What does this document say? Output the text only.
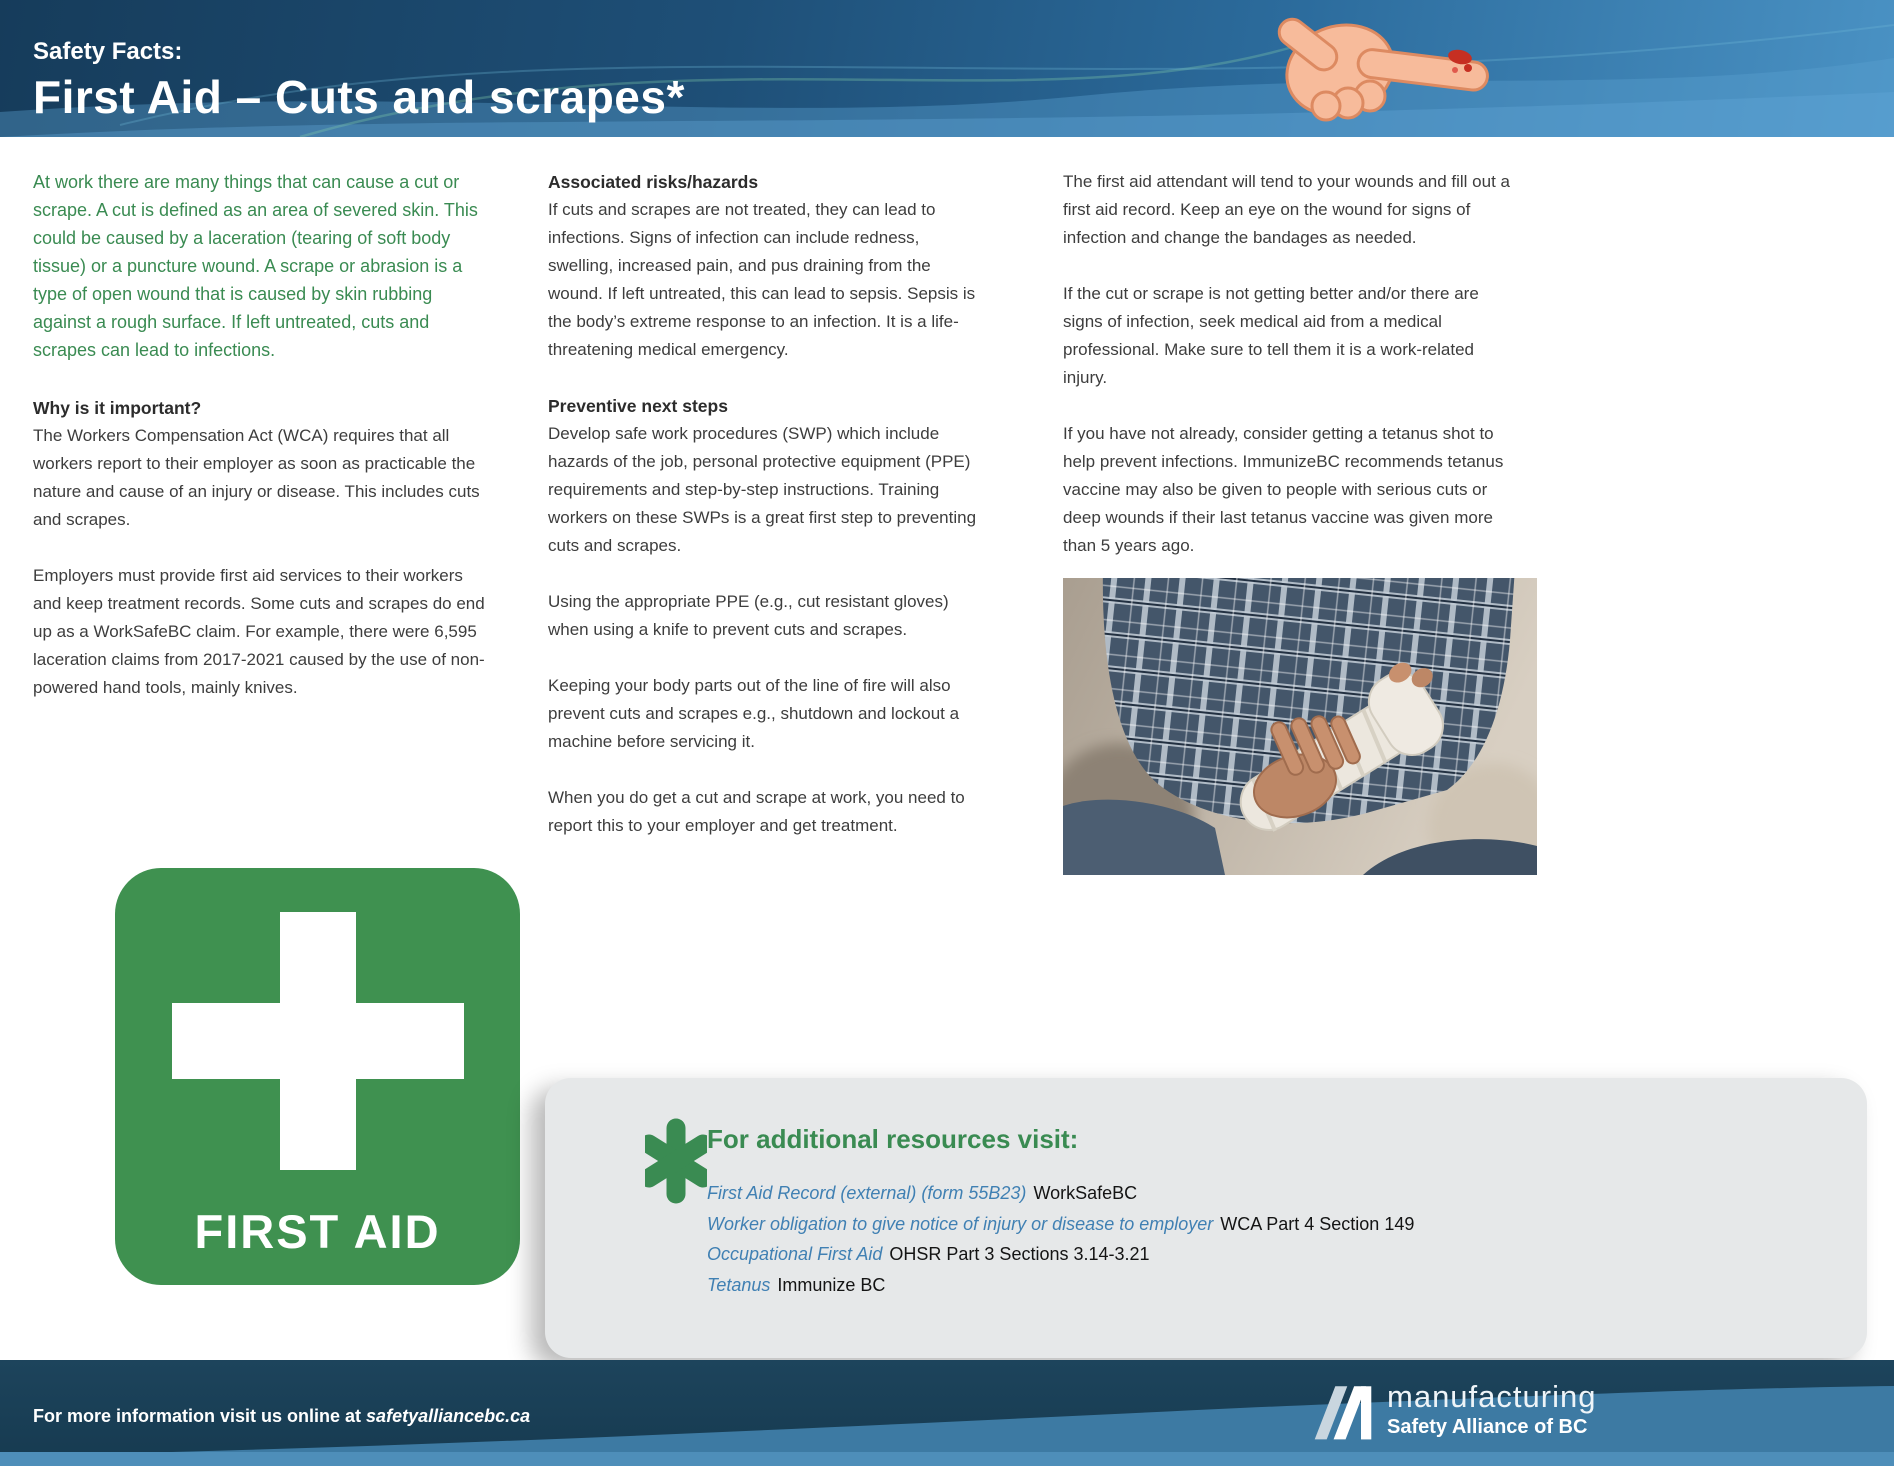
Safety Facts:
First Aid – Cuts and scrapes*

At work there are many things that can cause a cut or scrape. A cut is defined as an area of severed skin. This could be caused by a laceration (tearing of soft body tissue) or a puncture wound. A scrape or abrasion is a type of open wound that is caused by skin rubbing against a rough surface. If left untreated, cuts and scrapes can lead to infections.

Why is it important?

The Workers Compensation Act (WCA) requires that all workers report to their employer as soon as practicable the nature and cause of an injury or disease. This includes cuts and scrapes.

Employers must provide first aid services to their workers and keep treatment records. Some cuts and scrapes do end up as a WorkSafeBC claim. For example, there were 6,595 laceration claims from 2017-2021 caused by the use of non-powered hand tools, mainly knives.

FIRST AID

Associated risks/hazards

If cuts and scrapes are not treated, they can lead to infections. Signs of infection can include redness, swelling, increased pain, and pus draining from the wound. If left untreated, this can lead to sepsis. Sepsis is the body’s extreme response to an infection. It is a life-threatening medical emergency.

Preventive next steps

Develop safe work procedures (SWP) which include hazards of the job, personal protective equipment (PPE) requirements and step-by-step instructions. Training workers on these SWPs is a great first step to preventing cuts and scrapes.

Using the appropriate PPE (e.g., cut resistant gloves) when using a knife to prevent cuts and scrapes.

Keeping your body parts out of the line of fire will also prevent cuts and scrapes e.g., shutdown and lockout a machine before servicing it.

When you do get a cut and scrape at work, you need to report this to your employer and get treatment.

The first aid attendant will tend to your wounds and fill out a first aid record. Keep an eye on the wound for signs of infection and change the bandages as needed.

If the cut or scrape is not getting better and/or there are signs of infection, seek medical aid from a medical professional. Make sure to tell them it is a work-related injury.

If you have not already, consider getting a tetanus shot to help prevent infections. ImmunizeBC recommends tetanus vaccine may also be given to people with serious cuts or deep wounds if their last tetanus vaccine was given more than 5 years ago.

For additional resources visit:
First Aid Record (external) (form 55B23) WorkSafeBC
Worker obligation to give notice of injury or disease to employer WCA Part 4 Section 149
Occupational First Aid OHSR Part 3 Sections 3.14-3.21
Tetanus Immunize BC
For more information visit us online at safetyalliancebc.ca
manufacturing
Safety Alliance of BC
